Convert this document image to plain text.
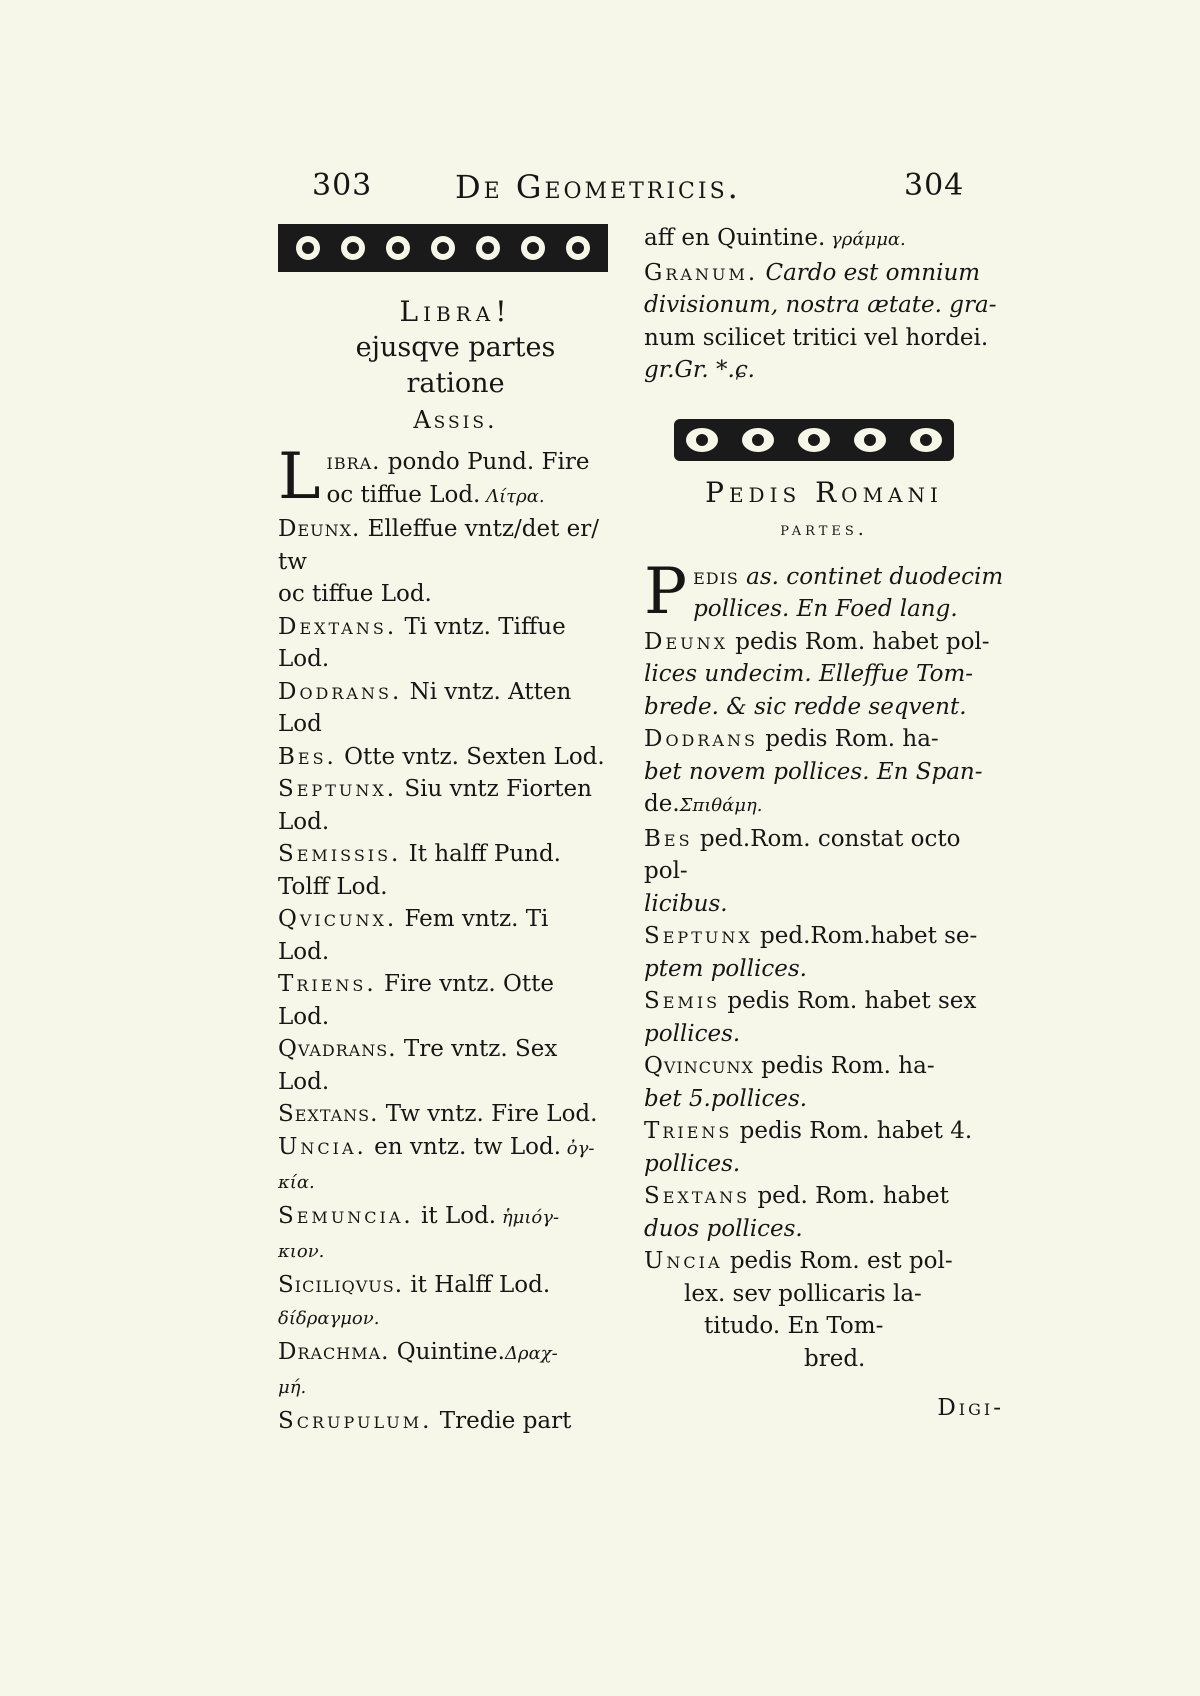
303	De Geometricis.	304
Libra!
ejusqve partes
ratione
Assis.
L ibra. pondo Pund. Fire
oc tiffue Lod. Λίτρα.
Deunx. Elleffue vntz/det er/ tw
oc tiffue Lod.
Dextans. Ti vntz. Tiffue
Lod.
Dodrans. Ni vntz. Atten
Lod
Bes. Otte vntz. Sexten Lod.
Septunx. Siu vntz Fiorten
Lod.
Semissis. It halff Pund.
Tolff Lod.
Qvicunx. Fem vntz. Ti
Lod.
Triens. Fire vntz. Otte
Lod.
Qvadrans. Tre vntz. Sex
Lod.
Sextans. Tw vntz. Fire Lod.
Uncia. en vntz. tw Lod. ὀγ-
κία.
Semuncia. it Lod. ἡμιόγ-
κιον.
Siciliqvus. it Halff Lod.
δίδραγμον.
Drachma. Quintine.Δραχ-
μή.
Scrupulum. Tredie part
aff en Quintine. γράμμα.
Granum. Cardo est omnium
divisionum, nostra ætate. gra-
num scilicet tritici vel hordei.
gr.Gr. *.ɕ.
Pedis Romani
partes.
P edis as. continet duodecim
pollices. En Foed lang.
Deunx pedis Rom. habet pol-
lices undecim. Elleffue Tom-
brede. & sic redde seqvent.
Dodrans pedis Rom. ha-
bet novem pollices. En Span-
de.Σπιθάμη.
Bes ped.Rom. constat octo pol-
licibus.
Septunx ped.Rom.habet se-
ptem pollices.
Semis pedis Rom. habet sex
pollices.
Qvincunx pedis Rom. ha-
bet 5.pollices.
Triens pedis Rom. habet 4.
pollices.
Sextans ped. Rom. habet
duos pollices.
Uncia pedis Rom. est pol-
lex. sev pollicaris la-
titudo. En Tom-
bred.
Digi-
